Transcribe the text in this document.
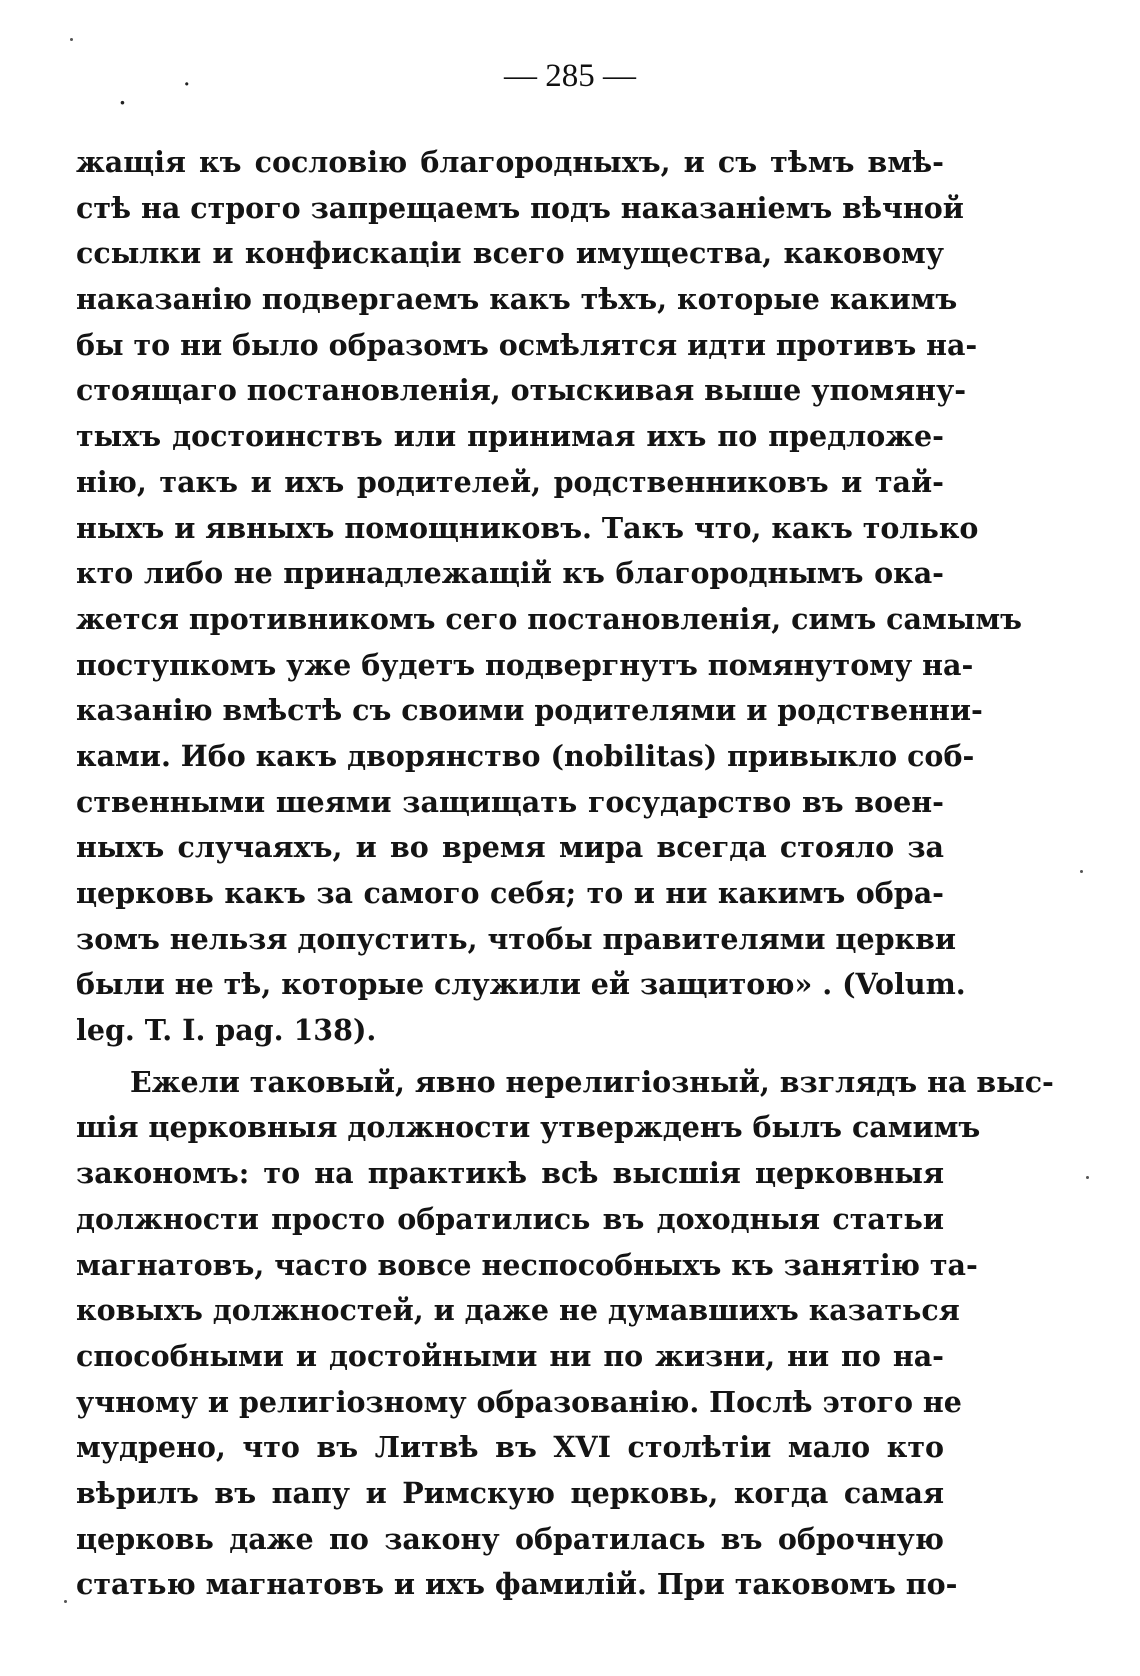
. ˙
— 285 —
жащія къ сословію благородныхъ, и съ тѣмъ вмѣ-
стѣ на строго запрещаемъ подъ наказаніемъ вѣчной
ссылки и конфискаціи всего имущества, каковому
наказанію подвергаемъ какъ тѣхъ, которые какимъ
бы то ни было образомъ осмѣлятся идти противъ на-
стоящаго постановленія, отыскивая выше упомяну-
тыхъ достоинствъ или принимая ихъ по предложе-
нію, такъ и ихъ родителей, родственниковъ и тай-
ныхъ и явныхъ помощниковъ. Такъ что, какъ только
кто либо не принадлежащій къ благороднымъ ока-
жется противникомъ сего постановленія, симъ самымъ
поступкомъ уже будетъ подвергнутъ помянутому на-
казанію вмѣстѣ съ своими родителями и родственни-
ками. Ибо какъ дворянство (nobilitas) привыкло соб-
ственными шеями защищать государство въ воен-
ныхъ случаяхъ, и во время мира всегда стояло за
церковь какъ за самого себя; то и ни какимъ обра-
зомъ нельзя допустить, чтобы правителями церкви
были не тѣ, которые служили ей защитою» . (Volum.
leg. T. I. pag. 138).
Ежели таковый, явно нерелигіозный, взглядъ на выс-
шія церковныя должности утвержденъ былъ самимъ
закономъ: то на практикѣ всѣ высшія церковныя
должности просто обратились въ доходныя статьи
магнатовъ, часто вовсе неспособныхъ къ занятію та-
ковыхъ должностей, и даже не думавшихъ казаться
способными и достойными ни по жизни, ни по на-
учному и религіозному образованію. Послѣ этого не
мудрено, что въ Литвѣ въ XVI столѣтіи мало кто
вѣрилъ въ папу и Римскую церковь, когда самая
церковь даже по закону обратилась въ оброчную
статью магнатовъ и ихъ фамилій. При таковомъ по-
